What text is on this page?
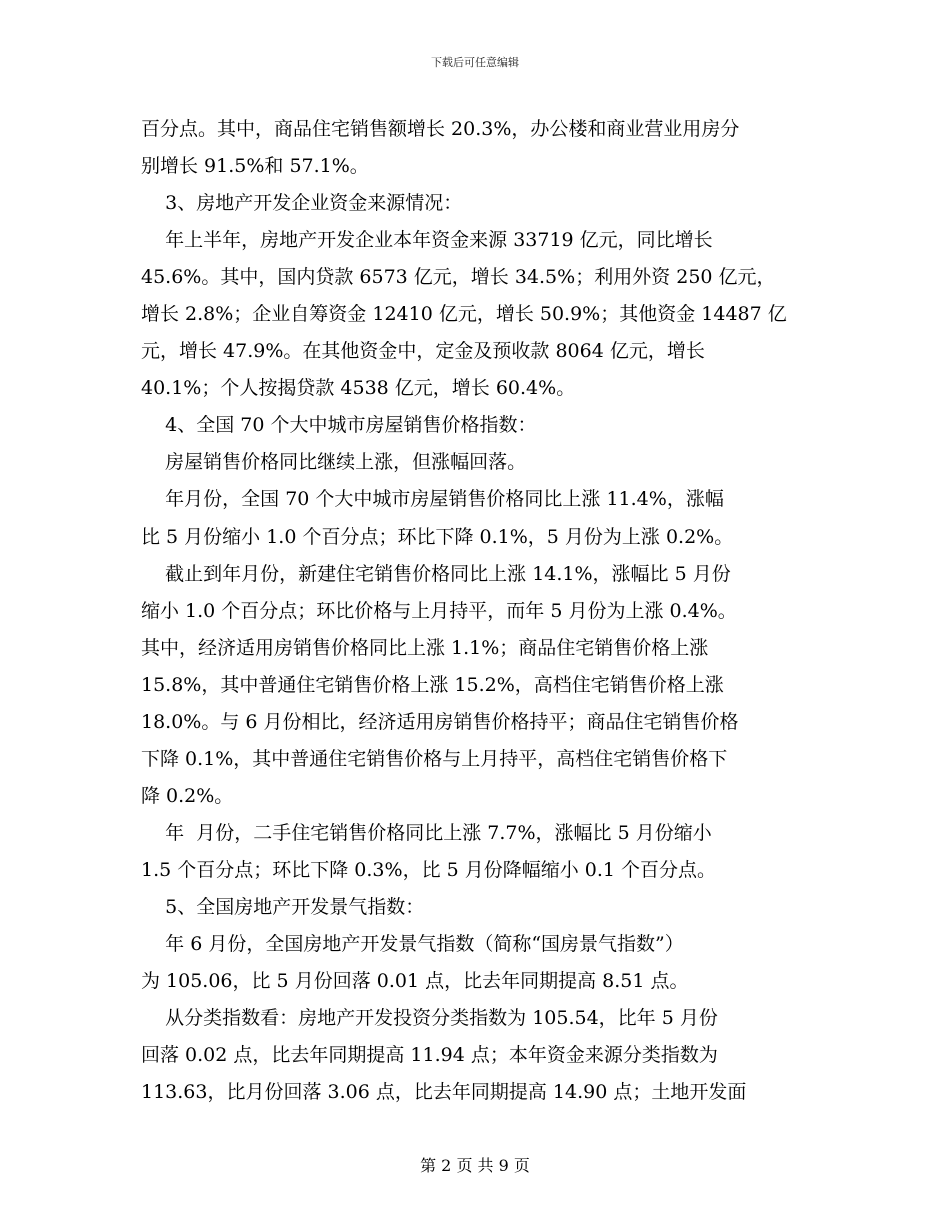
下载后可任意编辑
百分点。其中，商品住宅销售额增长 20.3%，办公楼和商业营业用房分
别增长 91.5%和 57.1%。
3、房地产开发企业资金来源情况：
年上半年，房地产开发企业本年资金来源 33719 亿元，同比增长
45.6%。其中，国内贷款 6573 亿元，增长 34.5%；利用外资 250 亿元，
增长 2.8%；企业自筹资金 12410 亿元，增长 50.9%；其他资金 14487 亿
元，增长 47.9%。在其他资金中，定金及预收款 8064 亿元，增长
40.1%；个人按揭贷款 4538 亿元，增长 60.4%。
4、全国 70 个大中城市房屋销售价格指数：
房屋销售价格同比继续上涨，但涨幅回落。
年月份，全国 70 个大中城市房屋销售价格同比上涨 11.4%，涨幅
比 5 月份缩小 1.0 个百分点；环比下降 0.1%，5 月份为上涨 0.2%。
截止到年月份，新建住宅销售价格同比上涨 14.1%，涨幅比 5 月份
缩小 1.0 个百分点；环比价格与上月持平，而年 5 月份为上涨 0.4%。
其中，经济适用房销售价格同比上涨 1.1%；商品住宅销售价格上涨
15.8%，其中普通住宅销售价格上涨 15.2%，高档住宅销售价格上涨
18.0%。与 6 月份相比，经济适用房销售价格持平；商品住宅销售价格
下降 0.1%，其中普通住宅销售价格与上月持平，高档住宅销售价格下
降 0.2%。
年  月份，二手住宅销售价格同比上涨 7.7%，涨幅比 5 月份缩小
1.5 个百分点；环比下降 0.3%，比 5 月份降幅缩小 0.1 个百分点。
5、全国房地产开发景气指数：
年 6 月份，全国房地产开发景气指数（简称“国房景气指数”）
为 105.06，比 5 月份回落 0.01 点，比去年同期提高 8.51 点。
从分类指数看：房地产开发投资分类指数为 105.54，比年 5 月份
回落 0.02 点，比去年同期提高 11.94 点；本年资金来源分类指数为
113.63，比月份回落 3.06 点，比去年同期提高 14.90 点；土地开发面
第 2 页 共 9 页
